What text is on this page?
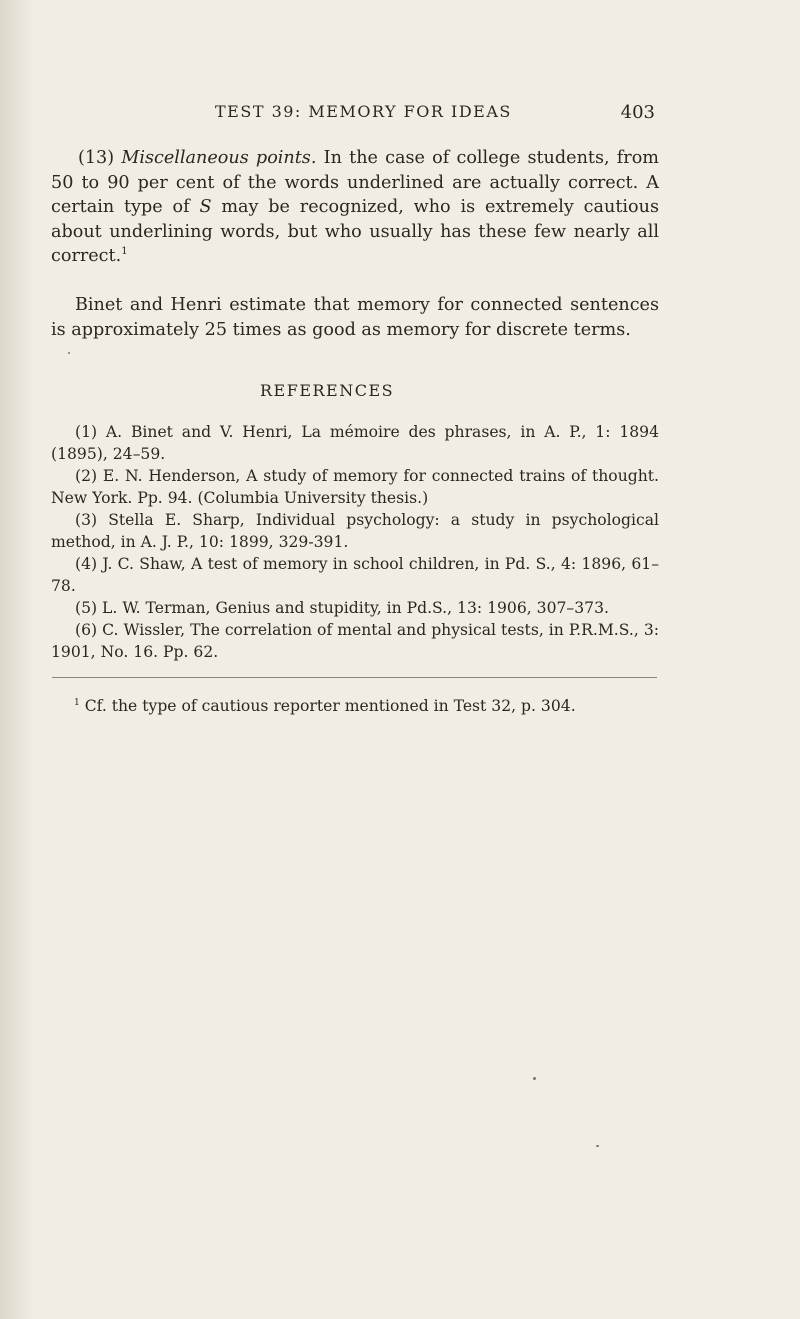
TEST 39: MEMORY FOR IDEAS	403

(13) Miscellaneous points. In the case of college students, from 50 to 90 per cent of the words underlined are actually correct. A certain type of S may be recognized, who is extremely cautious about underlining words, but who usually has these few nearly all correct.$^1$

Binet and Henri estimate that memory for connected sentences is approximately 25 times as good as memory for discrete terms.

REFERENCES
(1) A. Binet and V. Henri, La mémoire des phrases, in A. P., 1: 1894 (1895), 24–59.
(2) E. N. Henderson, A study of memory for connected trains of thought. New York. Pp. 94. (Columbia University thesis.)
(3) Stella E. Sharp, Individual psychology: a study in psychological method, in A. J. P., 10: 1899, 329-391.
(4) J. C. Shaw, A test of memory in school children, in Pd. S., 4: 1896, 61–78.
(5) L. W. Terman, Genius and stupidity, in Pd.S., 13: 1906, 307–373.
(6) C. Wissler, The correlation of mental and physical tests, in P.R.M.S., 3: 1901, No. 16. Pp. 62.
$^1$ Cf. the type of cautious reporter mentioned in Test 32, p. 304.
